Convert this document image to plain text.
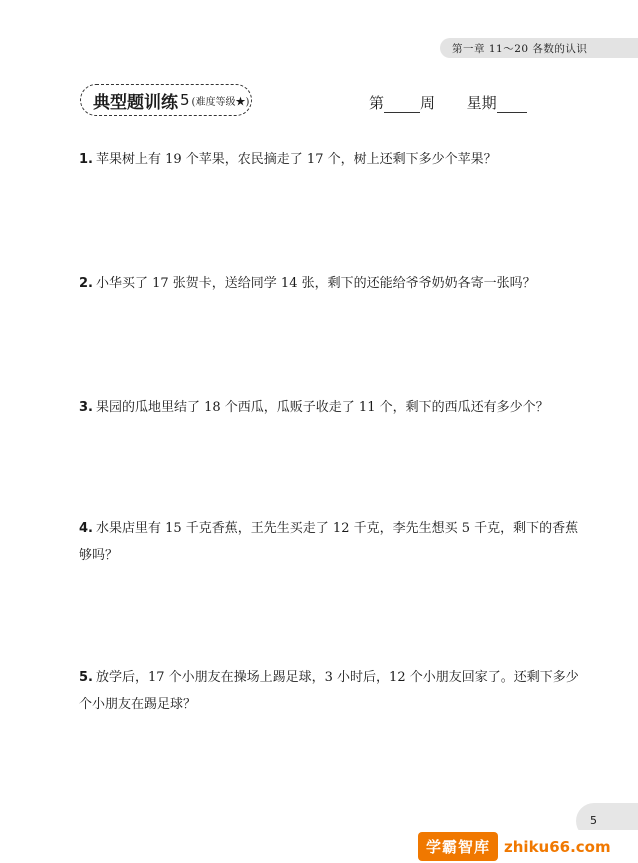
第一章 11～20 各数的认识
典型题训练 5 (难度等级★)	第 周 星期
1. 苹果树上有 19 个苹果，农民摘走了 17 个，树上还剩下多少个苹果？
2. 小华买了 17 张贺卡，送给同学 14 张，剩下的还能给爷爷奶奶各寄一张吗？
3. 果园的瓜地里结了 18 个西瓜，瓜贩子收走了 11 个，剩下的西瓜还有多少个？
4. 水果店里有 15 千克香蕉，王先生买走了 12 千克，李先生想买 5 千克，剩下的香蕉够吗？
5. 放学后，17 个小朋友在操场上踢足球，3 小时后，12 个小朋友回家了。还剩下多少个小朋友在踢足球？
5
学霸智库 zhiku66.com
